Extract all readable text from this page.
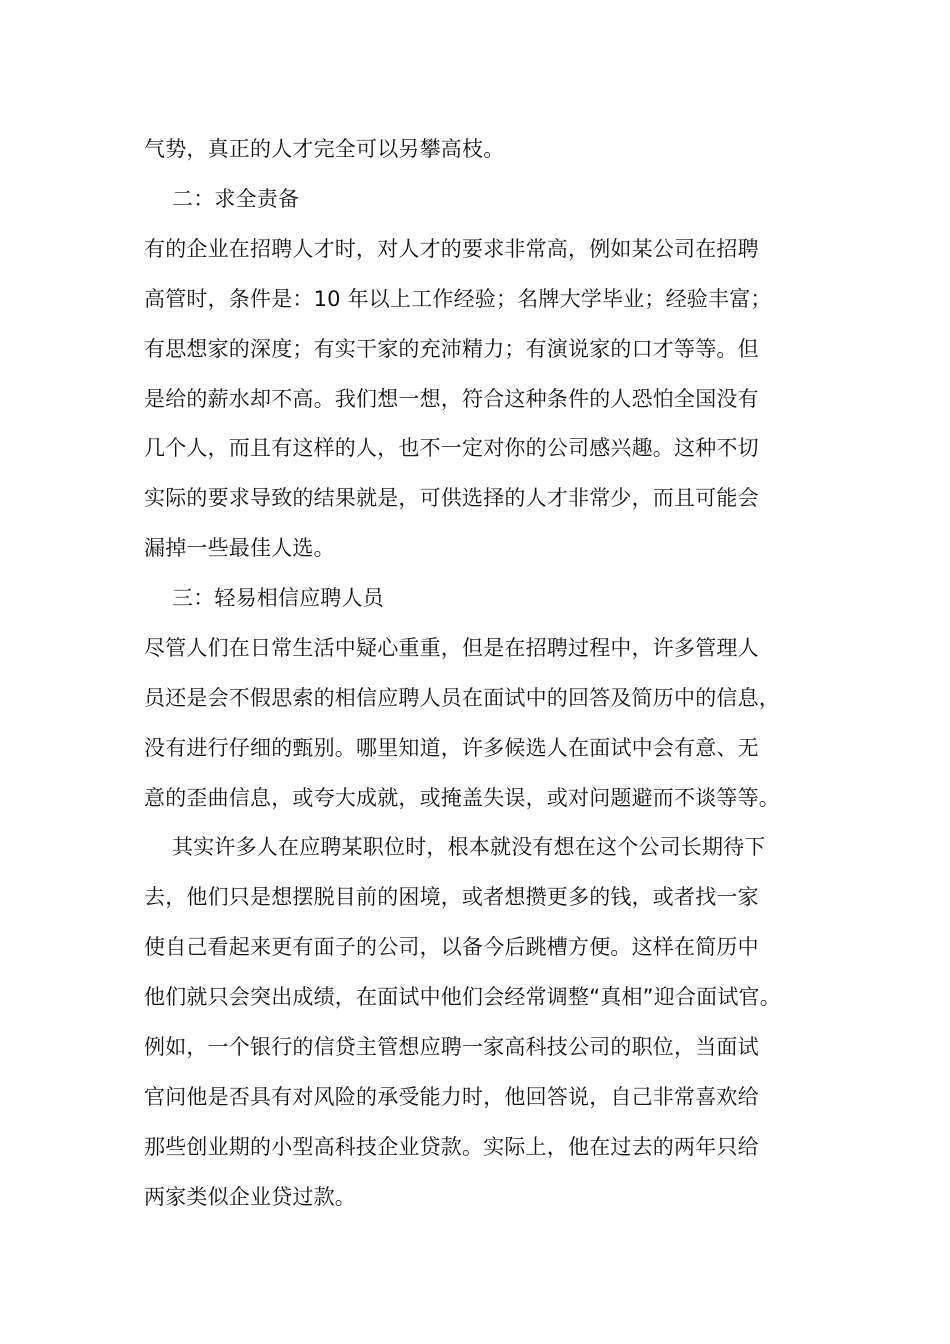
气势，真正的人才完全可以另攀高枝。
二：求全责备
有的企业在招聘人才时，对人才的要求非常高，例如某公司在招聘
高管时，条件是：10 年以上工作经验；名牌大学毕业；经验丰富；
有思想家的深度；有实干家的充沛精力；有演说家的口才等等。但
是给的薪水却不高。我们想一想，符合这种条件的人恐怕全国没有
几个人，而且有这样的人，也不一定对你的公司感兴趣。这种不切
实际的要求导致的结果就是，可供选择的人才非常少，而且可能会
漏掉一些最佳人选。
三：轻易相信应聘人员
尽管人们在日常生活中疑心重重，但是在招聘过程中，许多管理人
员还是会不假思索的相信应聘人员在面试中的回答及简历中的信息，
没有进行仔细的甄别。哪里知道，许多候选人在面试中会有意、无
意的歪曲信息，或夸大成就，或掩盖失误，或对问题避而不谈等等。
其实许多人在应聘某职位时，根本就没有想在这个公司长期待下
去，他们只是想摆脱目前的困境，或者想攒更多的钱，或者找一家
使自己看起来更有面子的公司，以备今后跳槽方便。这样在简历中
他们就只会突出成绩，在面试中他们会经常调整“真相”迎合面试官。
例如，一个银行的信贷主管想应聘一家高科技公司的职位，当面试
官问他是否具有对风险的承受能力时，他回答说，自己非常喜欢给
那些创业期的小型高科技企业贷款。实际上，他在过去的两年只给
两家类似企业贷过款。
